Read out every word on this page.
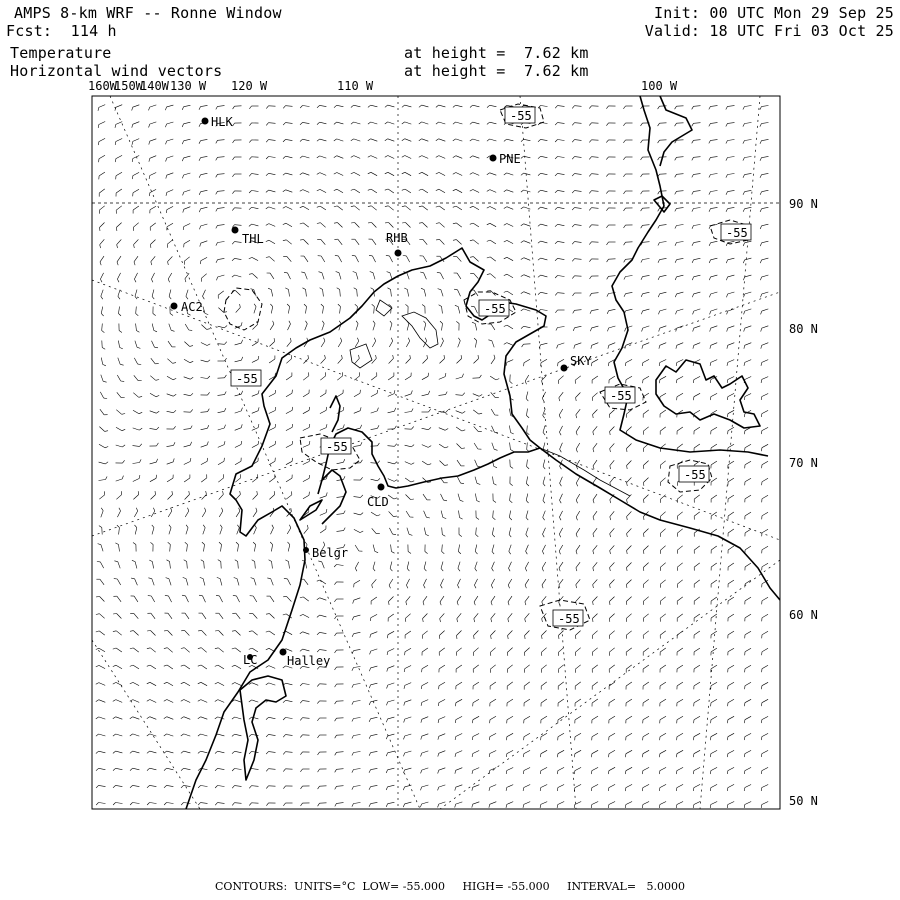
AMPS 8-km WRF -- Ronne Window
Fcst:  114 h
Temperature
Horizontal wind vectors
Init: 00 UTC Mon 29 Sep 25
Valid: 18 UTC Fri 03 Oct 25
at height =  7.62 km
at height =  7.62 km
-55
-55
-55
-55
-55
-55
-55
-55
HLK
PNE
THL	RHB
AC2
SKY
CLD
Belgr
LC Halley
160W
150W
140W 130 W 120 W	110 W	100 W
90 N
80 N
70 N
60 N
50 N
CONTOURS:  UNITS=°C  LOW= -55.000     HIGH= -55.000     INTERVAL=   5.0000
